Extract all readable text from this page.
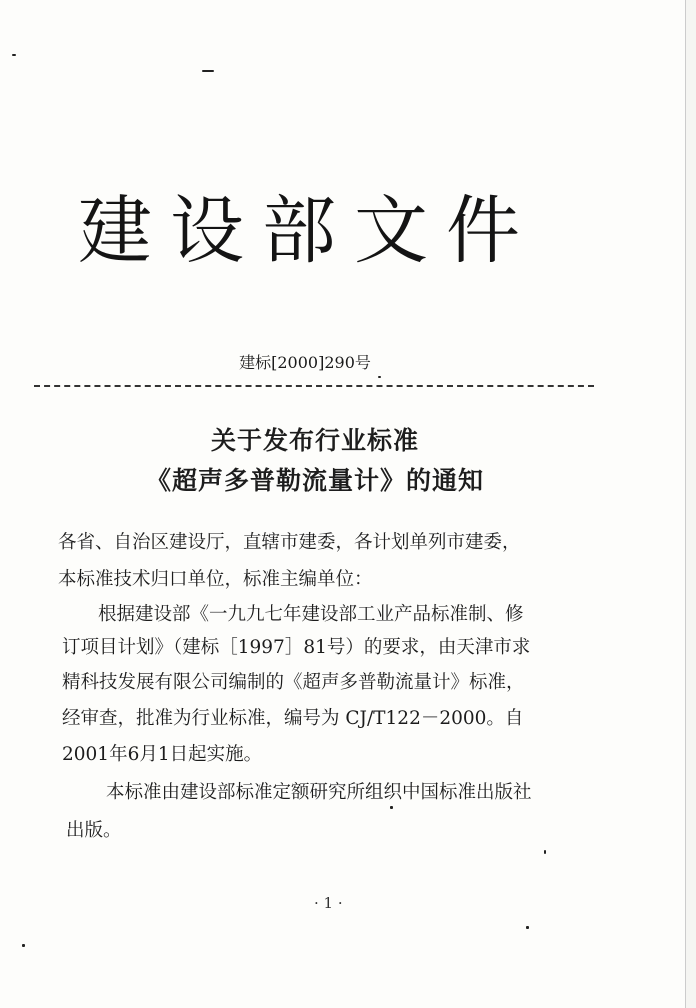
建设部文件
建标[2000]290号
关于发布行业标准
《超声多普勒流量计》的通知
各省、自治区建设厅，直辖市建委，各计划单列市建委，
本标准技术归口单位，标准主编单位：
根据建设部《一九九七年建设部工业产品标准制、修
订项目计划》（建标［1997］81号）的要求，由天津市求
精科技发展有限公司编制的《超声多普勒流量计》标准，
经审查，批准为行业标准，编号为 CJ/T122－2000。自
2001年6月1日起实施。
本标准由建设部标准定额研究所组织中国标准出版社
出版。
· 1 ·
